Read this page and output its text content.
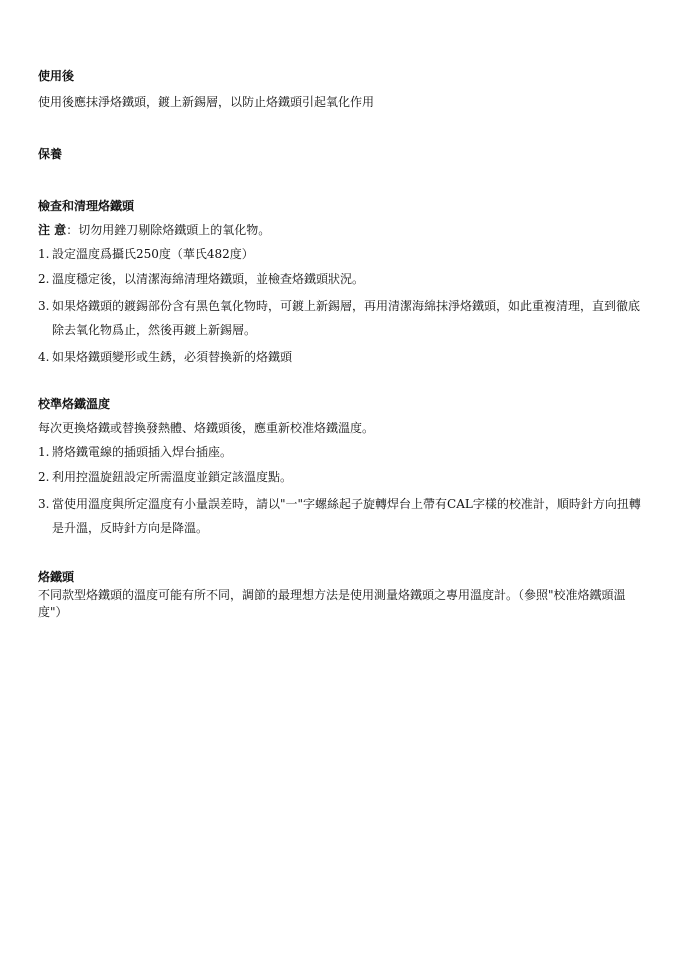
使用後

使用後應抹淨烙鐵頭，鍍上新錫層，以防止烙鐵頭引起氧化作用

保養

檢查和清理烙鐵頭

注 意：切勿用銼刀剔除烙鐵頭上的氧化物。

1. 設定溫度爲攝氏250度（華氏482度）
2. 溫度穩定後，以清潔海綿清理烙鐵頭，並檢查烙鐵頭狀況。
3. 如果烙鐵頭的鍍錫部份含有黑色氧化物時，可鍍上新錫層，再用清潔海綿抹淨烙鐵頭，如此重複清理，直到徹底除去氧化物爲止，然後再鍍上新錫層。
4. 如果烙鐵頭變形或生銹，必須替換新的烙鐵頭

校準烙鐵溫度

每次更換烙鐵或替換發熱體、烙鐵頭後，應重新校准烙鐵溫度。

1. 將烙鐵電線的插頭插入焊台插座。
2. 利用控溫旋鈕設定所需溫度並鎖定該溫度點。
3. 當使用溫度與所定溫度有小量誤差時，請以"一"字螺絲起子旋轉焊台上帶有CAL字樣的校准計，順時針方向扭轉是升溫，反時針方向是降溫。

烙鐵頭

不同款型烙鐵頭的溫度可能有所不同，調節的最理想方法是使用測量烙鐵頭之專用溫度計。（參照"校准烙鐵頭溫度"）
